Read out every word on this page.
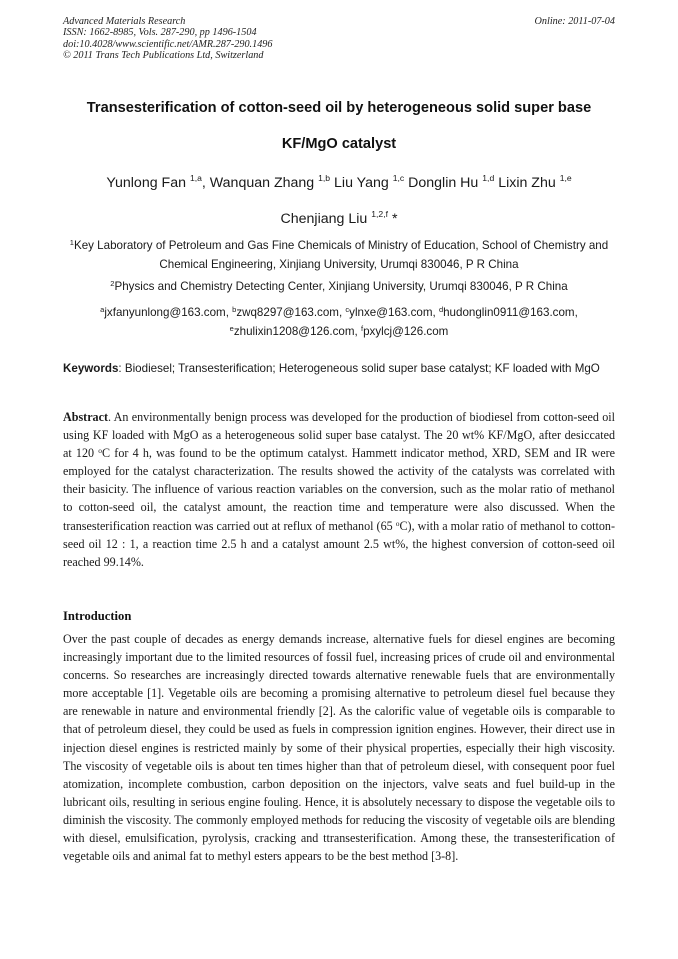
Advanced Materials Research
ISSN: 1662-8985, Vols. 287-290, pp 1496-1504
doi:10.4028/www.scientific.net/AMR.287-290.1496
© 2011 Trans Tech Publications Ltd, Switzerland
Online: 2011-07-04
Transesterification of cotton-seed oil by heterogeneous solid super base
KF/MgO catalyst
Yunlong Fan $^{1,a}$, Wanquan Zhang $^{1,b}$ Liu Yang $^{1,c}$ Donglin Hu $^{1,d}$ Lixin Zhu $^{1,e}$
Chenjiang Liu $^{1,2,f}$ *
$^1$Key Laboratory of Petroleum and Gas Fine Chemicals of Ministry of Education, School of Chemistry and Chemical Engineering, Xinjiang University, Urumqi 830046, P R China
$^2$Physics and Chemistry Detecting Center, Xinjiang University, Urumqi 830046, P R China
$^a$jxfanyunlong@163.com, $^b$zwq8297@163.com, $^c$ylnxe@163.com, $^d$hudonglin0911@163.com,
$^e$zhulixin1208@126.com, $^f$pxylcj@126.com
Keywords: Biodiesel; Transesterification; Heterogeneous solid super base catalyst; KF loaded with MgO
Abstract. An environmentally benign process was developed for the production of biodiesel from cotton-seed oil using KF loaded with MgO as a heterogeneous solid super base catalyst. The 20 wt% KF/MgO, after desiccated at 120 $^o$C for 4 h, was found to be the optimum catalyst. Hammett indicator method, XRD, SEM and IR were employed for the catalyst characterization. The results showed the activity of the catalysts was correlated with their basicity. The influence of various reaction variables on the conversion, such as the molar ratio of methanol to cotton-seed oil, the catalyst amount, the reaction time and temperature were also discussed. When the transesterification reaction was carried out at reflux of methanol (65 $^o$C), with a molar ratio of methanol to cotton-seed oil 12 : 1, a reaction time 2.5 h and a catalyst amount 2.5 wt%, the highest conversion of cotton-seed oil reached 99.14%.
Introduction
Over the past couple of decades as energy demands increase, alternative fuels for diesel engines are becoming increasingly important due to the limited resources of fossil fuel, increasing prices of crude oil and environmental concerns. So researches are increasingly directed towards alternative renewable fuels that are environmentally more acceptable [1]. Vegetable oils are becoming a promising alternative to petroleum diesel fuel because they are renewable in nature and environmental friendly [2]. As the calorific value of vegetable oils is comparable to that of petroleum diesel, they could be used as fuels in compression ignition engines. However, their direct use in injection diesel engines is restricted mainly by some of their physical properties, especially their high viscosity. The viscosity of vegetable oils is about ten times higher than that of petroleum diesel, with consequent poor fuel atomization, incomplete combustion, carbon deposition on the injectors, valve seats and fuel build-up in the lubricant oils, resulting in serious engine fouling. Hence, it is absolutely necessary to dispose the vegetable oils to diminish the viscosity. The commonly employed methods for reducing the viscosity of vegetable oils are blending with diesel, emulsification, pyrolysis, cracking and ttransesterification. Among these, the transesterification of vegetable oils and animal fat to methyl esters appears to be the best method [3-8].
